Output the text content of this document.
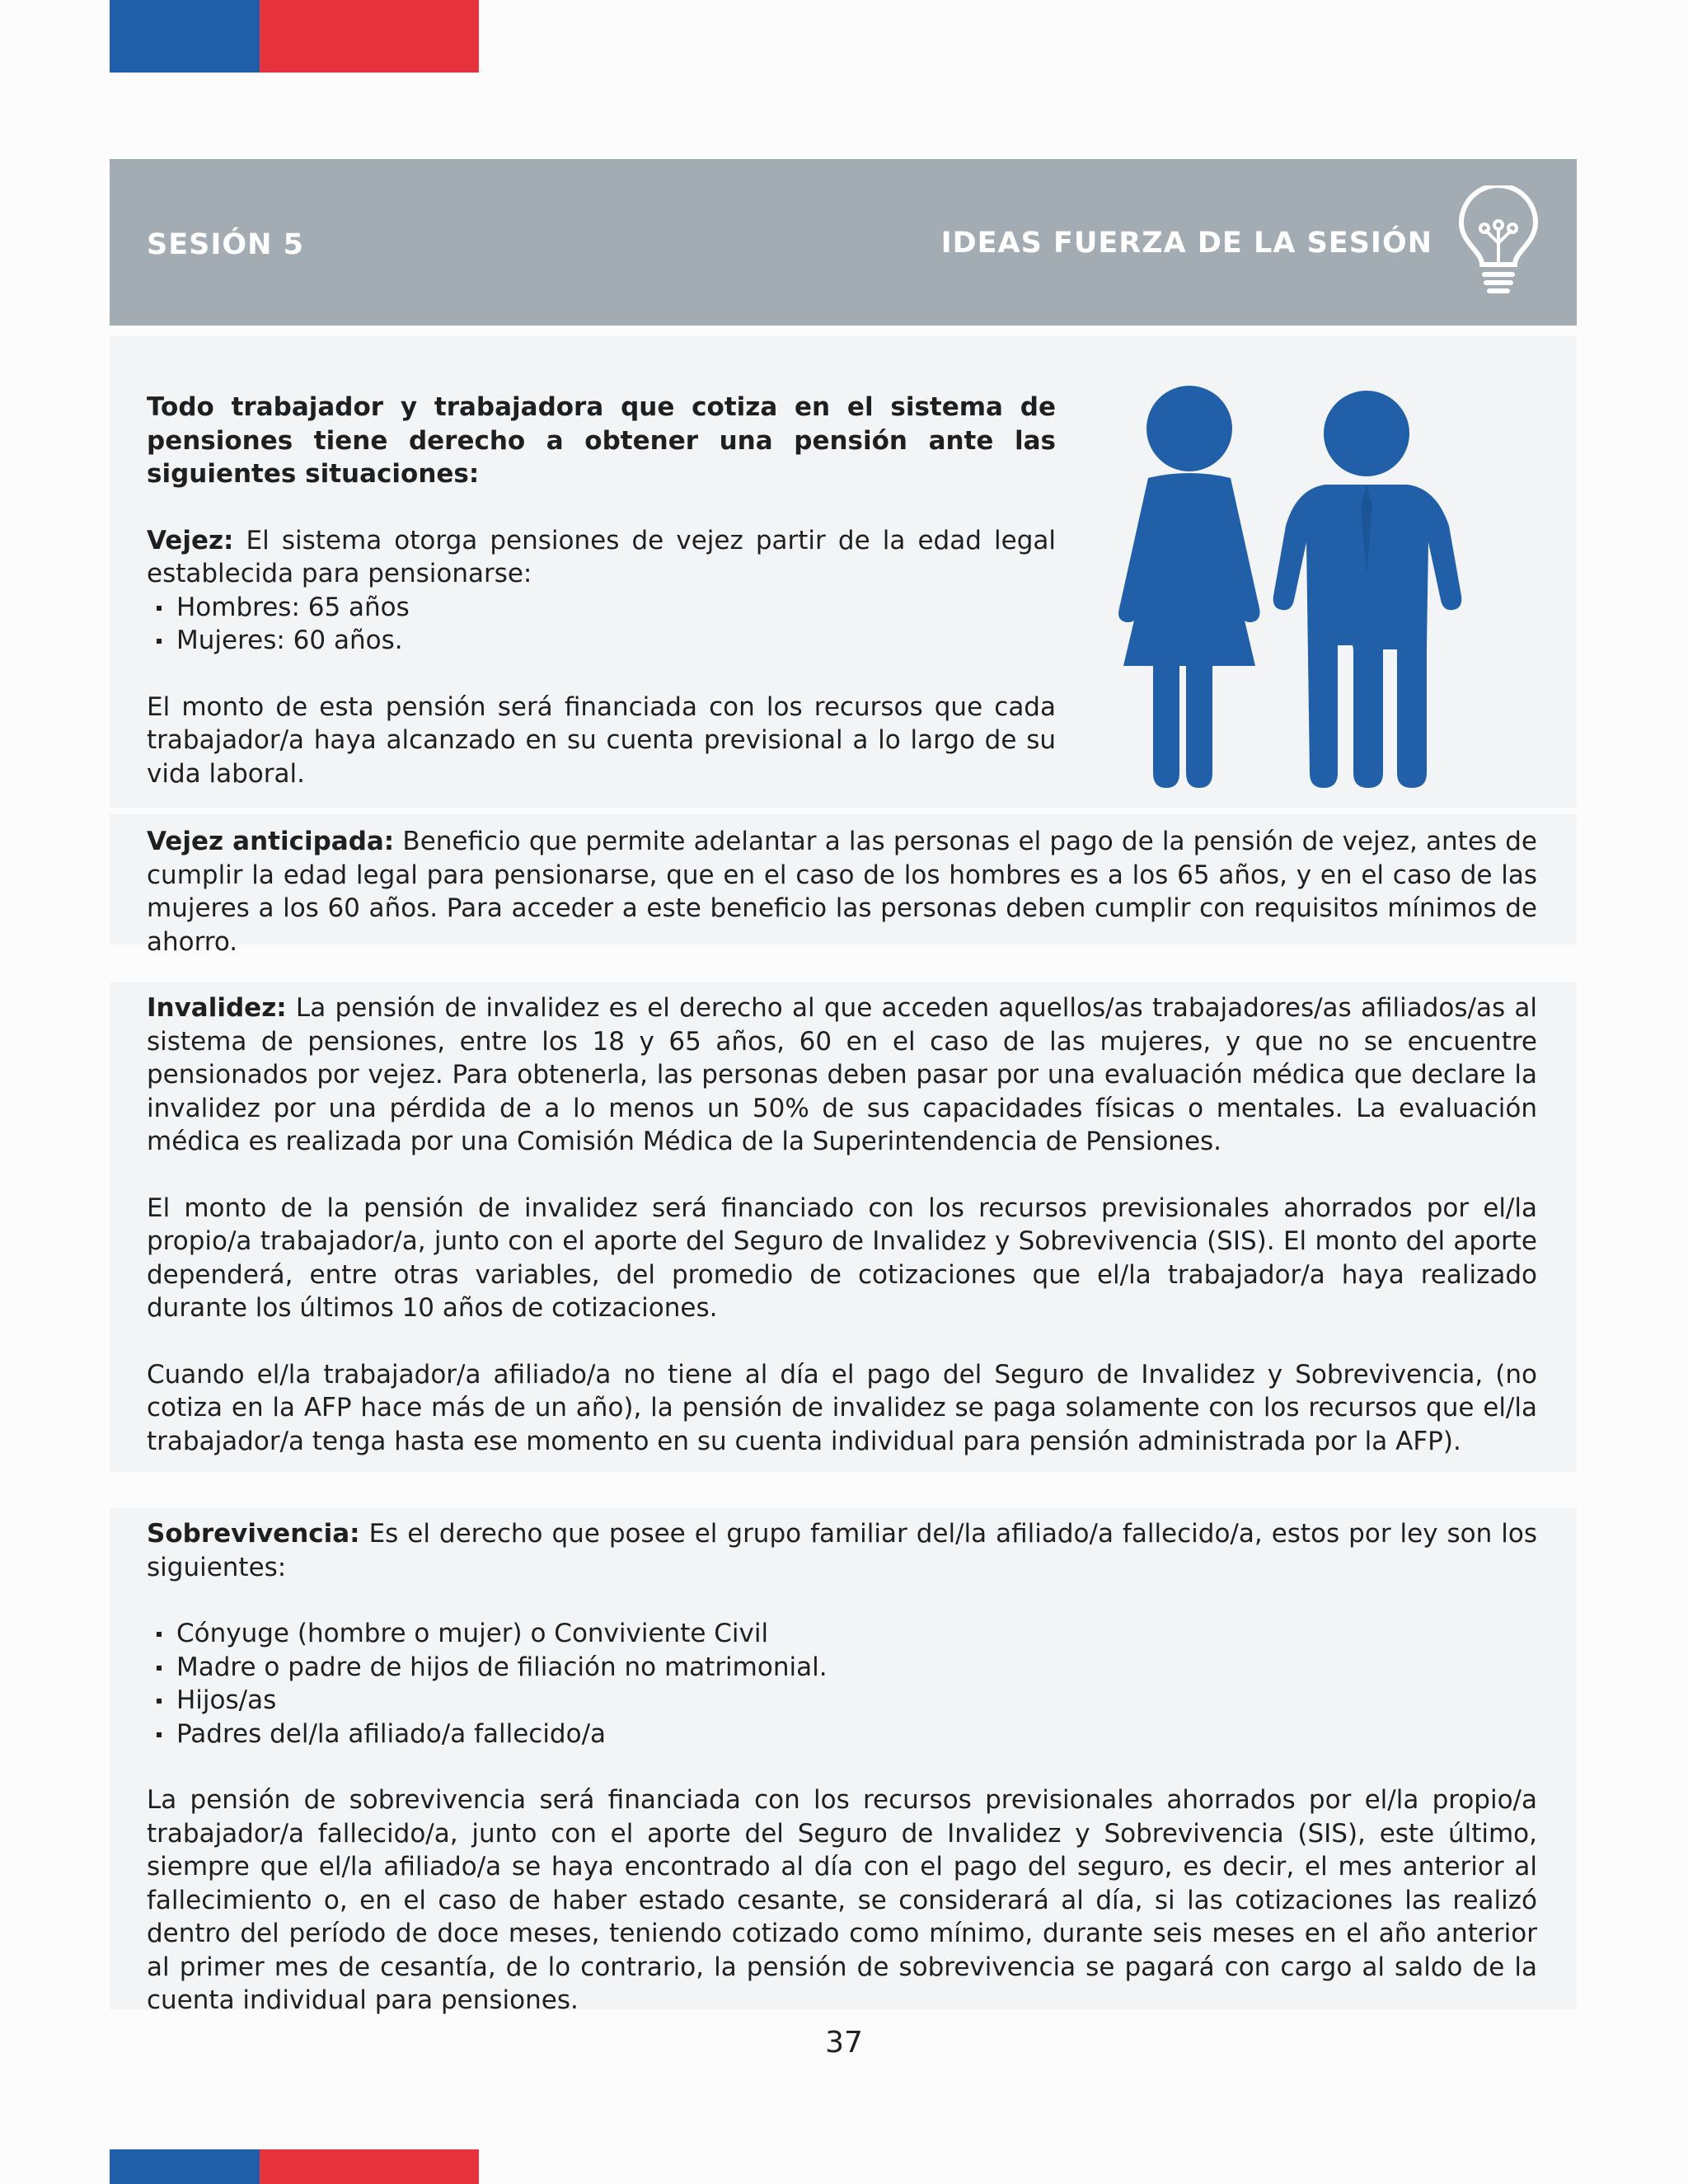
SESIÓN 5	IDEAS FUERZA DE LA SESIÓN

Todo trabajador y trabajadora que cotiza en el sistema de pensiones tiene derecho a obtener una pensión ante las siguientes situaciones:

Vejez: El sistema otorga pensiones de vejez partir de la edad legal establecida para pensionarse:

Hombres: 65 años
Mujeres: 60 años.

El monto de esta pensión será financiada con los recursos que cada trabajador/a haya alcanzado en su cuenta previsional a lo largo de su vida laboral.

Vejez anticipada: Beneficio que permite adelantar a las personas el pago de la pensión de vejez, antes de cumplir la edad legal para pensionarse, que en el caso de los hombres es a los 65 años, y en el caso de las mujeres a los 60 años. Para acceder a este beneficio las personas deben cumplir con requisitos mínimos de ahorro.

Invalidez: La pensión de invalidez es el derecho al que acceden aquellos/as trabajadores/as afiliados/as al sistema de pensiones, entre los 18 y 65 años, 60 en el caso de las mujeres, y que no se encuentre pensionados por vejez. Para obtenerla, las personas deben pasar por una evaluación médica que declare la invalidez por una pérdida de a lo menos un 50% de sus capacidades físicas o mentales. La evaluación médica es realizada por una Comisión Médica de la Superintendencia de Pensiones.

El monto de la pensión de invalidez será financiado con los recursos previsionales ahorrados por el/la propio/a trabajador/a, junto con el aporte del Seguro de Invalidez y Sobrevivencia (SIS). El monto del aporte dependerá, entre otras variables, del promedio de cotizaciones que el/la trabajador/a haya realizado durante los últimos 10 años de cotizaciones.

Cuando el/la trabajador/a afiliado/a no tiene al día el pago del Seguro de Invalidez y Sobrevivencia, (no cotiza en la AFP hace más de un año), la pensión de invalidez se paga solamente con los recursos que el/la trabajador/a tenga hasta ese momento en su cuenta individual para pensión administrada por la AFP).

Sobrevivencia: Es el derecho que posee el grupo familiar del/la afiliado/a fallecido/a, estos por ley son los siguientes:

Cónyuge (hombre o mujer) o Conviviente Civil
Madre o padre de hijos de filiación no matrimonial.
Hijos/as
Padres del/la afiliado/a fallecido/a

La pensión de sobrevivencia será financiada con los recursos previsionales ahorrados por el/la propio/a trabajador/a fallecido/a, junto con el aporte del Seguro de Invalidez y Sobrevivencia (SIS), este último, siempre que el/la afiliado/a se haya encontrado al día con el pago del seguro, es decir, el mes anterior al fallecimiento o, en el caso de haber estado cesante, se considerará al día, si las cotizaciones las realizó dentro del período de doce meses, teniendo cotizado como mínimo, durante seis meses en el año anterior al primer mes de cesantía, de lo contrario, la pensión de sobrevivencia se pagará con cargo al saldo de la cuenta individual para pensiones.

37
